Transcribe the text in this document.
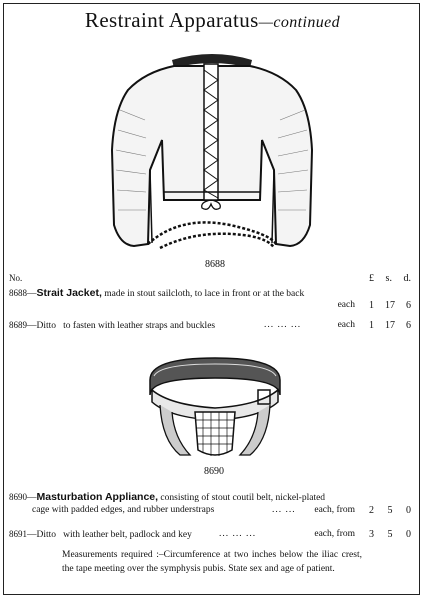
Restraint Apparatus—continued
8688
No.	£ s. d.
8688—Strait Jacket, made in stout sailcloth, to lace in front or at the back
each 1 17 6
8689—Ditto to fasten with leather straps and buckles	... ... ...	each 1 17 6
8690
8690—Masturbation Appliance, consisting of stout coutil belt, nickel-plated
cage with padded edges, and rubber understraps	... ... each, from 2 5 0
8691—Ditto with leather belt, padlock and key	... ... ...	each, from 3 5 0
Measurements required :–Circumference at two inches below the iliac crest, the tape meeting over the symphysis pubis. State sex and age of patient.
